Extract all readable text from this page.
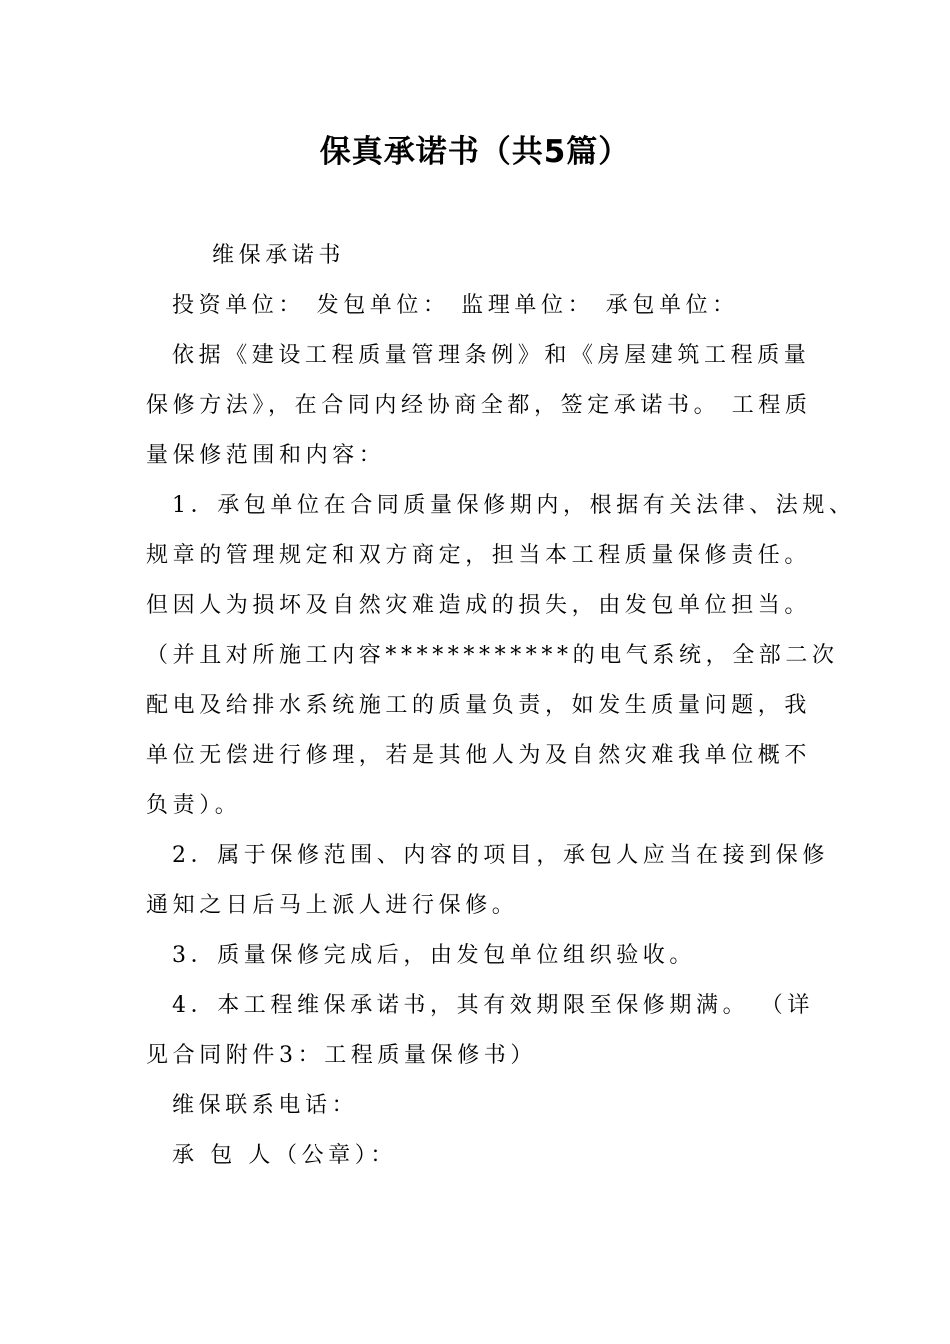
保真承诺书（共5篇）
维保承诺书
投资单位： 发包单位： 监理单位： 承包单位：
依据《建设工程质量管理条例》和《房屋建筑工程质量
保修方法》，在合同内经协商全都，签定承诺书。 工程质
量保修范围和内容：
1．承包单位在合同质量保修期内，根据有关法律、法规、
规章的管理规定和双方商定，担当本工程质量保修责任。
但因人为损坏及自然灾难造成的损失，由发包单位担当。
（并且对所施工内容************的电气系统，全部二次
配电及给排水系统施工的质量负责，如发生质量问题，我
单位无偿进行修理，若是其他人为及自然灾难我单位概不
负责）。
2．属于保修范围、内容的项目，承包人应当在接到保修
通知之日后马上派人进行保修。
3．质量保修完成后，由发包单位组织验收。
4．本工程维保承诺书，其有效期限至保修期满。 （详
见合同附件3：工程质量保修书）
维保联系电话：
承 包 人（公章）：
